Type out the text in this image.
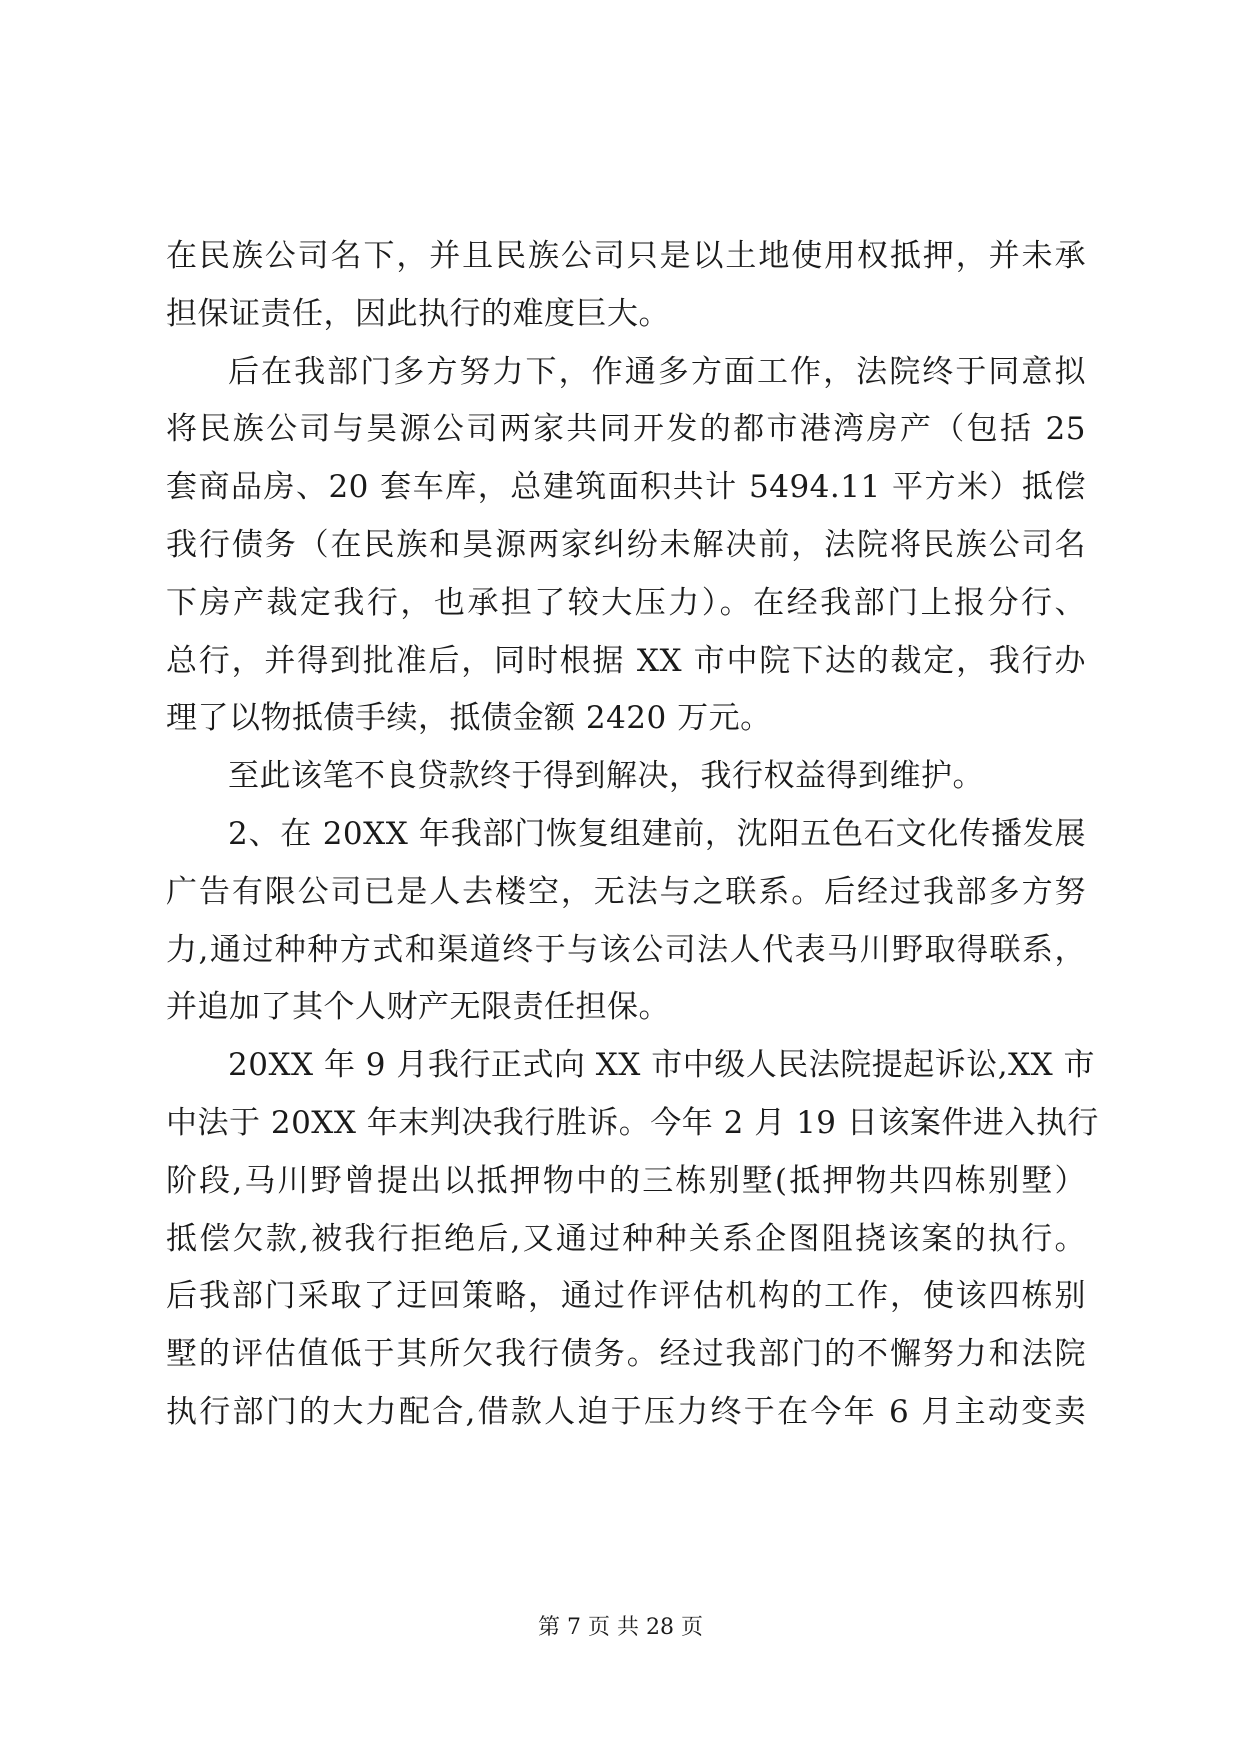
在民族公司名下，并且民族公司只是以土地使用权抵押，并未承
担保证责任，因此执行的难度巨大。
后在我部门多方努力下，作通多方面工作，法院终于同意拟
将民族公司与昊源公司两家共同开发的都市港湾房产（包括 25
套商品房、20 套车库，总建筑面积共计 5494.11 平方米）抵偿
我行债务（在民族和昊源两家纠纷未解决前，法院将民族公司名
下房产裁定我行，也承担了较大压力）。在经我部门上报分行、
总行，并得到批准后，同时根据 XX 市中院下达的裁定，我行办
理了以物抵债手续，抵债金额 2420 万元。
至此该笔不良贷款终于得到解决，我行权益得到维护。
2、在 20XX 年我部门恢复组建前，沈阳五色石文化传播发展
广告有限公司已是人去楼空，无法与之联系。后经过我部多方努
力,通过种种方式和渠道终于与该公司法人代表马川野取得联系，
并追加了其个人财产无限责任担保。
20XX 年 9 月我行正式向 XX 市中级人民法院提起诉讼,XX 市
中法于 20XX 年末判决我行胜诉。今年 2 月 19 日该案件进入执行
阶段,马川野曾提出以抵押物中的三栋别墅(抵押物共四栋别墅）
抵偿欠款,被我行拒绝后,又通过种种关系企图阻挠该案的执行。
后我部门采取了迂回策略，通过作评估机构的工作，使该四栋别
墅的评估值低于其所欠我行债务。经过我部门的不懈努力和法院
执行部门的大力配合,借款人迫于压力终于在今年 6 月主动变卖
第 7 页 共 28 页
